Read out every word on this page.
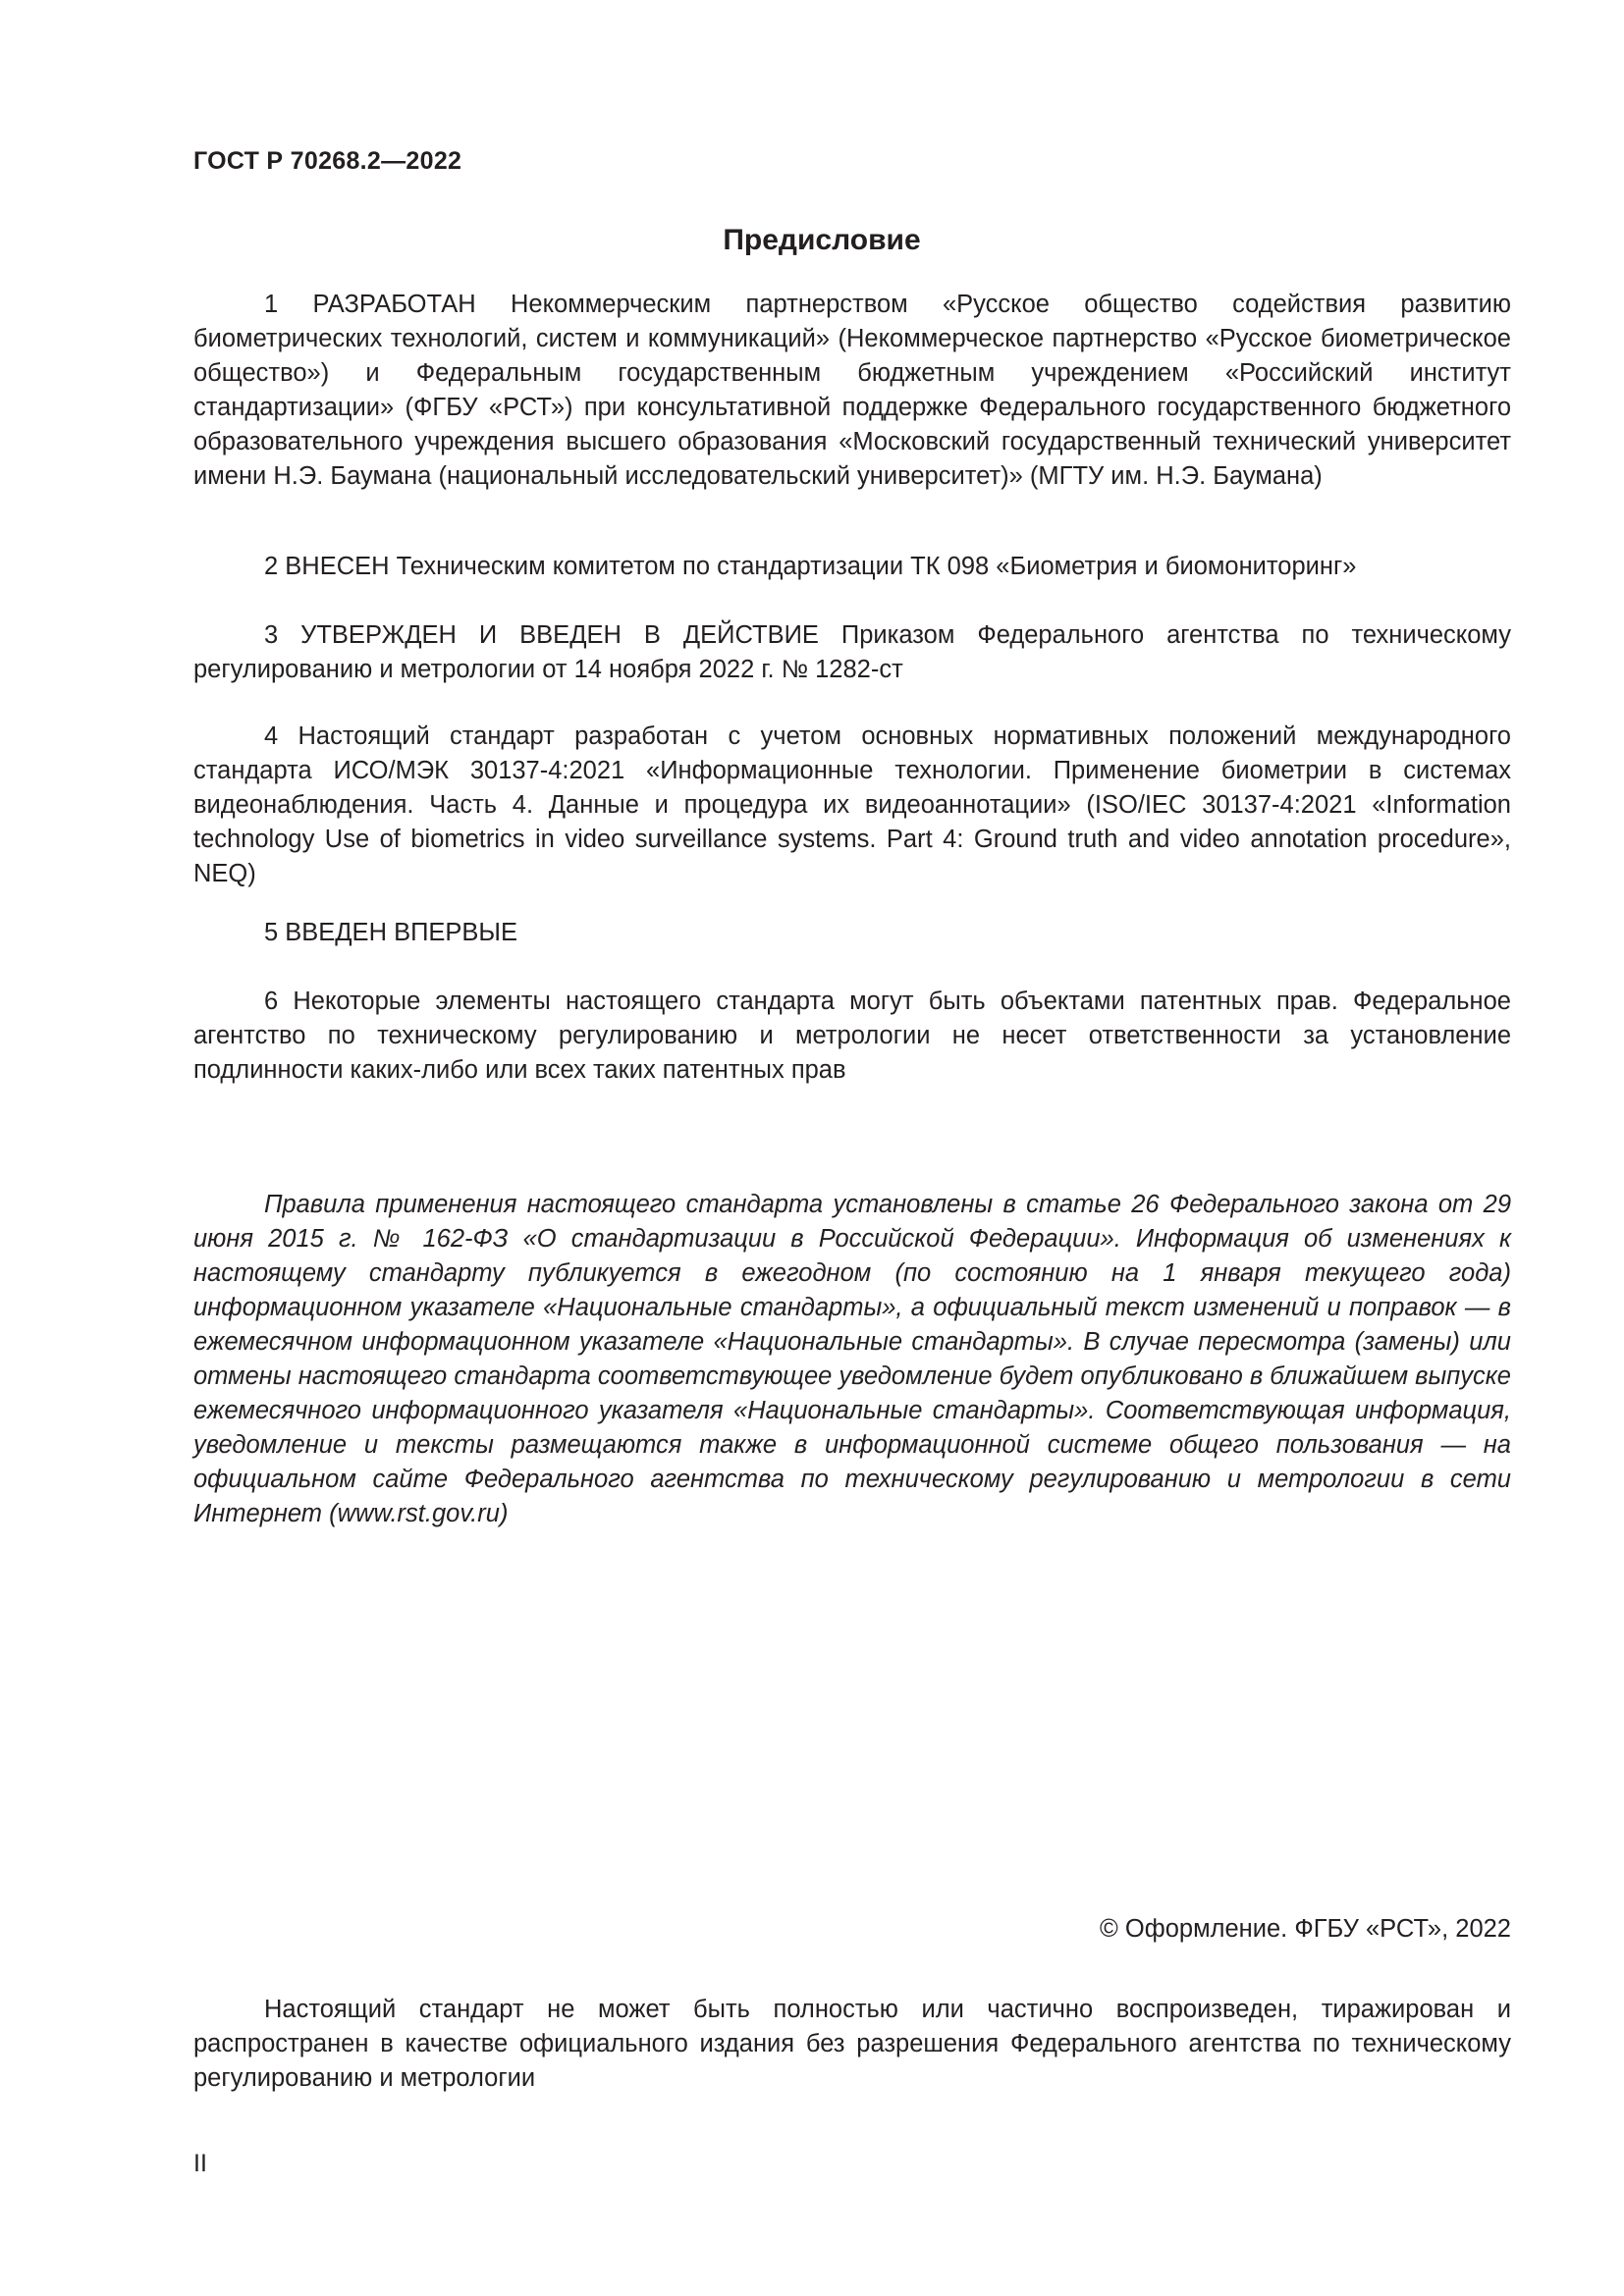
ГОСТ Р 70268.2—2022
Предисловие

1 РАЗРАБОТАН Некоммерческим партнерством «Русское общество содействия развитию биометрических технологий, систем и коммуникаций» (Некоммерческое партнерство «Русское биометрическое общество») и Федеральным государственным бюджетным учреждением «Российский институт стандартизации» (ФГБУ «РСТ») при консультативной поддержке Федерального государственного бюджетного образовательного учреждения высшего образования «Московский государственный технический университет имени Н.Э. Баумана (национальный исследовательский университет)» (МГТУ им. Н.Э. Баумана)

2 ВНЕСЕН Техническим комитетом по стандартизации ТК 098 «Биометрия и биомониторинг»

3 УТВЕРЖДЕН И ВВЕДЕН В ДЕЙСТВИЕ Приказом Федерального агентства по техническому регулированию и метрологии от 14 ноября 2022 г. № 1282-ст

4 Настоящий стандарт разработан с учетом основных нормативных положений международного стандарта ИСО/МЭК 30137-4:2021 «Информационные технологии. Применение биометрии в системах видеонаблюдения. Часть 4. Данные и процедура их видеоаннотации» (ISO/IEC 30137-4:2021 «Information technology Use of biometrics in video surveillance systems. Part 4: Ground truth and video annotation procedure», NEQ)

5 ВВЕДЕН ВПЕРВЫЕ

6 Некоторые элементы настоящего стандарта могут быть объектами патентных прав. Федеральное агентство по техническому регулированию и метрологии не несет ответственности за установление подлинности каких-либо или всех таких патентных прав

Правила применения настоящего стандарта установлены в статье 26 Федерального закона от 29 июня 2015 г. № 162-ФЗ «О стандартизации в Российской Федерации». Информация об изменениях к настоящему стандарту публикуется в ежегодном (по состоянию на 1 января текущего года) информационном указателе «Национальные стандарты», а официальный текст изменений и поправок — в ежемесячном информационном указателе «Национальные стандарты». В случае пересмотра (замены) или отмены настоящего стандарта соответствующее уведомление будет опубликовано в ближайшем выпуске ежемесячного информационного указателя «Национальные стандарты». Соответствующая информация, уведомление и тексты размещаются также в информационной системе общего пользования — на официальном сайте Федерального агентства по техническому регулированию и метрологии в сети Интернет (www.rst.gov.ru)

© Оформление. ФГБУ «РСТ», 2022

Настоящий стандарт не может быть полностью или частично воспроизведен, тиражирован и распространен в качестве официального издания без разрешения Федерального агентства по техническому регулированию и метрологии

II
